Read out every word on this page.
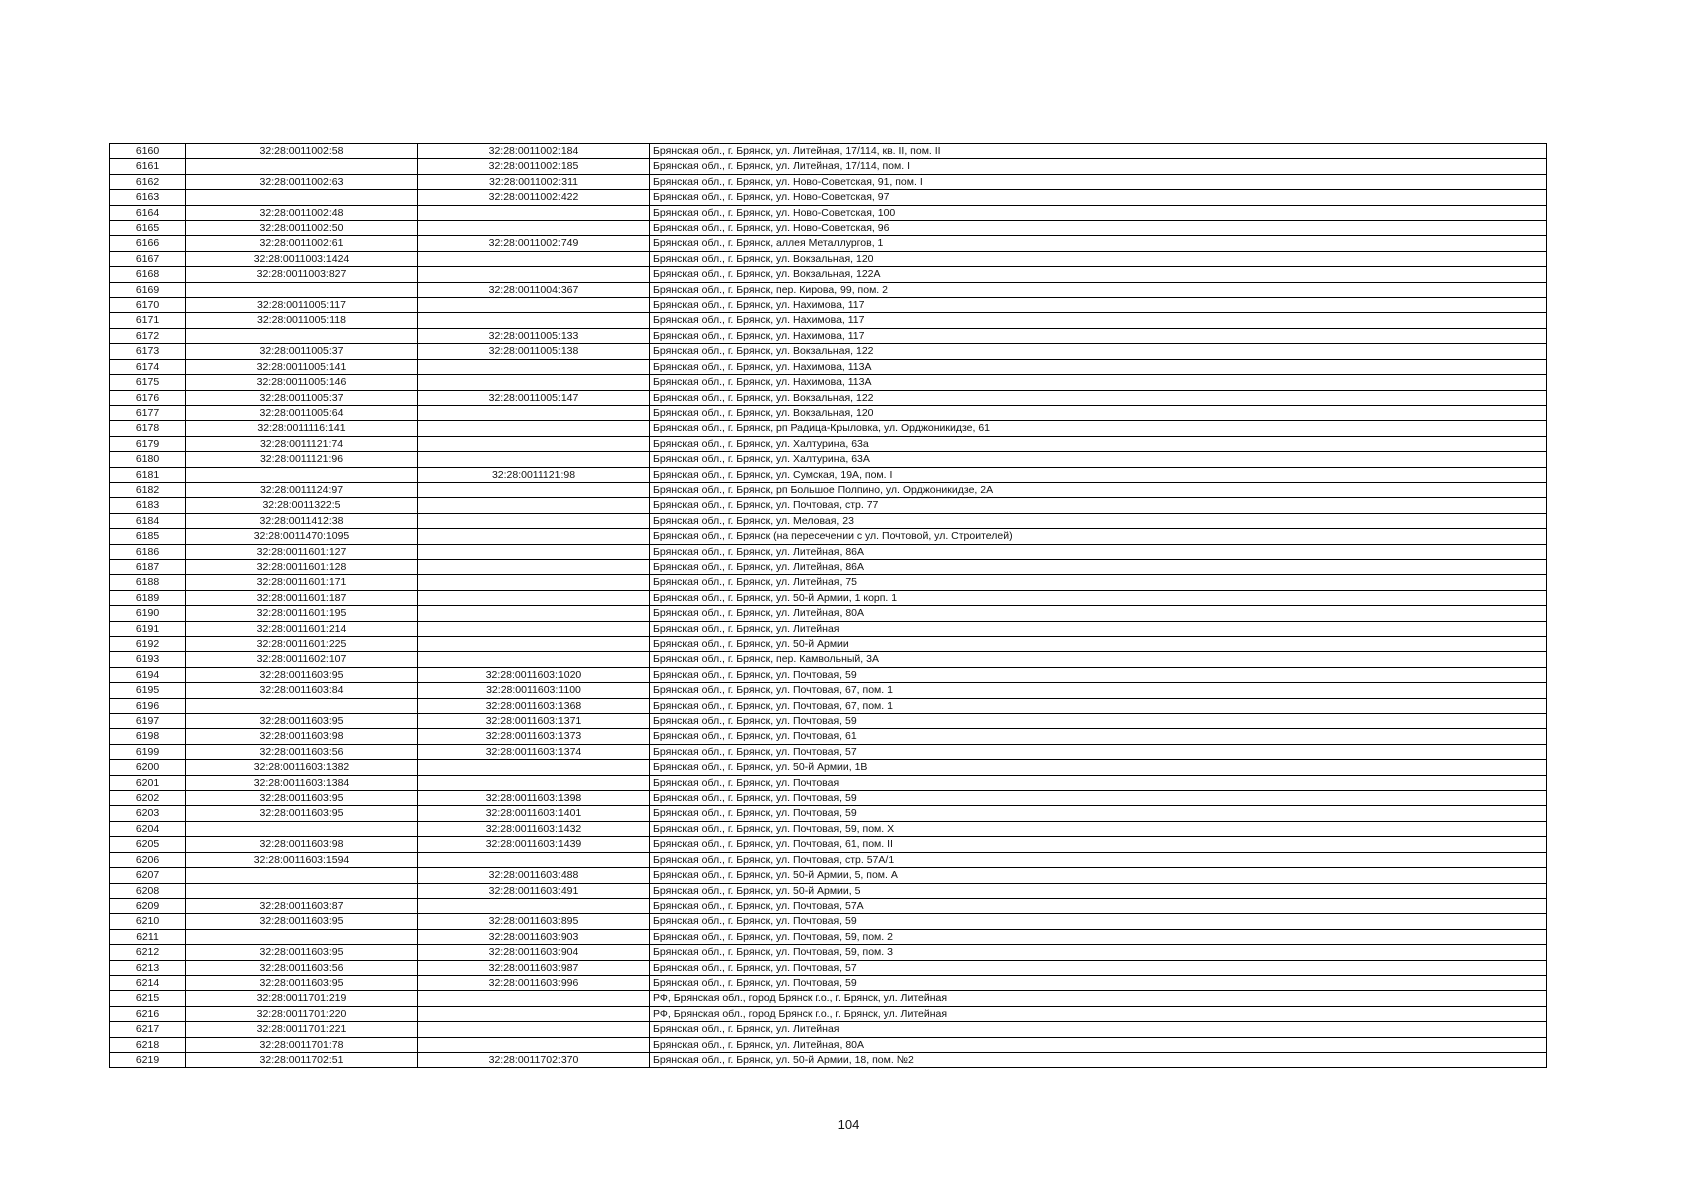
6160	32:28:0011002:58	32:28:0011002:184	Брянская обл., г. Брянск, ул. Литейная, 17/114, кв. II, пом. II
6161		32:28:0011002:185	Брянская обл., г. Брянск, ул. Литейная, 17/114, пом. I
6162	32:28:0011002:63	32:28:0011002:311	Брянская обл., г. Брянск, ул. Ново-Советская, 91, пом. I
6163		32:28:0011002:422	Брянская обл., г. Брянск, ул. Ново-Советская, 97
6164	32:28:0011002:48		Брянская обл., г. Брянск, ул. Ново-Советская, 100
6165	32:28:0011002:50		Брянская обл., г. Брянск, ул. Ново-Советская, 96
6166	32:28:0011002:61	32:28:0011002:749	Брянская обл., г. Брянск, аллея Металлургов, 1
6167	32:28:0011003:1424		Брянская обл., г. Брянск, ул. Вокзальная, 120
6168	32:28:0011003:827		Брянская обл., г. Брянск, ул. Вокзальная, 122А
6169		32:28:0011004:367	Брянская обл., г. Брянск, пер. Кирова, 99, пом. 2
6170	32:28:0011005:117		Брянская обл., г. Брянск, ул. Нахимова, 117
6171	32:28:0011005:118		Брянская обл., г. Брянск, ул. Нахимова, 117
6172		32:28:0011005:133	Брянская обл., г. Брянск, ул. Нахимова, 117
6173	32:28:0011005:37	32:28:0011005:138	Брянская обл., г. Брянск, ул. Вокзальная, 122
6174	32:28:0011005:141		Брянская обл., г. Брянск, ул. Нахимова, 113А
6175	32:28:0011005:146		Брянская обл., г. Брянск, ул. Нахимова, 113А
6176	32:28:0011005:37	32:28:0011005:147	Брянская обл., г. Брянск, ул. Вокзальная, 122
6177	32:28:0011005:64		Брянская обл., г. Брянск, ул. Вокзальная, 120
6178	32:28:0011116:141		Брянская обл., г. Брянск, рп Радица-Крыловка, ул. Орджоникидзе, 61
6179	32:28:0011121:74		Брянская обл., г. Брянск, ул. Халтурина, 63а
6180	32:28:0011121:96		Брянская обл., г. Брянск, ул. Халтурина, 63А
6181		32:28:0011121:98	Брянская обл., г. Брянск, ул. Сумская, 19А, пом. I
6182	32:28:0011124:97		Брянская обл., г. Брянск, рп Большое Полпино, ул. Орджоникидзе, 2А
6183	32:28:0011322:5		Брянская обл., г. Брянск, ул. Почтовая, стр. 77
6184	32:28:0011412:38		Брянская обл., г. Брянск, ул. Меловая, 23
6185	32:28:0011470:1095		Брянская обл., г. Брянск (на пересечении с ул. Почтовой, ул. Строителей)
6186	32:28:0011601:127		Брянская обл., г. Брянск, ул. Литейная, 86А
6187	32:28:0011601:128		Брянская обл., г. Брянск, ул. Литейная, 86А
6188	32:28:0011601:171		Брянская обл., г. Брянск, ул. Литейная, 75
6189	32:28:0011601:187		Брянская обл., г. Брянск, ул. 50-й Армии, 1 корп. 1
6190	32:28:0011601:195		Брянская обл., г. Брянск, ул. Литейная, 80А
6191	32:28:0011601:214		Брянская обл., г. Брянск, ул. Литейная
6192	32:28:0011601:225		Брянская обл., г. Брянск, ул. 50-й Армии
6193	32:28:0011602:107		Брянская обл., г. Брянск, пер. Камвольный, 3А
6194	32:28:0011603:95	32:28:0011603:1020	Брянская обл., г. Брянск, ул. Почтовая, 59
6195	32:28:0011603:84	32:28:0011603:1100	Брянская обл., г. Брянск, ул. Почтовая, 67, пом. 1
6196		32:28:0011603:1368	Брянская обл., г. Брянск, ул. Почтовая, 67, пом. 1
6197	32:28:0011603:95	32:28:0011603:1371	Брянская обл., г. Брянск, ул. Почтовая, 59
6198	32:28:0011603:98	32:28:0011603:1373	Брянская обл., г. Брянск, ул. Почтовая, 61
6199	32:28:0011603:56	32:28:0011603:1374	Брянская обл., г. Брянск, ул. Почтовая, 57
6200	32:28:0011603:1382		Брянская обл., г. Брянск, ул. 50-й Армии, 1В
6201	32:28:0011603:1384		Брянская обл., г. Брянск, ул. Почтовая
6202	32:28:0011603:95	32:28:0011603:1398	Брянская обл., г. Брянск, ул. Почтовая, 59
6203	32:28:0011603:95	32:28:0011603:1401	Брянская обл., г. Брянск, ул. Почтовая, 59
6204		32:28:0011603:1432	Брянская обл., г. Брянск, ул. Почтовая, 59, пом. X
6205	32:28:0011603:98	32:28:0011603:1439	Брянская обл., г. Брянск, ул. Почтовая, 61, пом. II
6206	32:28:0011603:1594		Брянская обл., г. Брянск, ул. Почтовая, стр. 57А/1
6207		32:28:0011603:488	Брянская обл., г. Брянск, ул. 50-й Армии, 5, пом. А
6208		32:28:0011603:491	Брянская обл., г. Брянск, ул. 50-й Армии, 5
6209	32:28:0011603:87		Брянская обл., г. Брянск, ул. Почтовая, 57А
6210	32:28:0011603:95	32:28:0011603:895	Брянская обл., г. Брянск, ул. Почтовая, 59
6211		32:28:0011603:903	Брянская обл., г. Брянск, ул. Почтовая, 59, пом. 2
6212	32:28:0011603:95	32:28:0011603:904	Брянская обл., г. Брянск, ул. Почтовая, 59, пом. 3
6213	32:28:0011603:56	32:28:0011603:987	Брянская обл., г. Брянск, ул. Почтовая, 57
6214	32:28:0011603:95	32:28:0011603:996	Брянская обл., г. Брянск, ул. Почтовая, 59
6215	32:28:0011701:219		РФ, Брянская обл., город Брянск г.о., г. Брянск, ул. Литейная
6216	32:28:0011701:220		РФ, Брянская обл., город Брянск г.о., г. Брянск, ул. Литейная
6217	32:28:0011701:221		Брянская обл., г. Брянск, ул. Литейная
6218	32:28:0011701:78		Брянская обл., г. Брянск, ул. Литейная, 80А
6219	32:28:0011702:51	32:28:0011702:370	Брянская обл., г. Брянск, ул. 50-й Армии, 18, пом. №2
104
